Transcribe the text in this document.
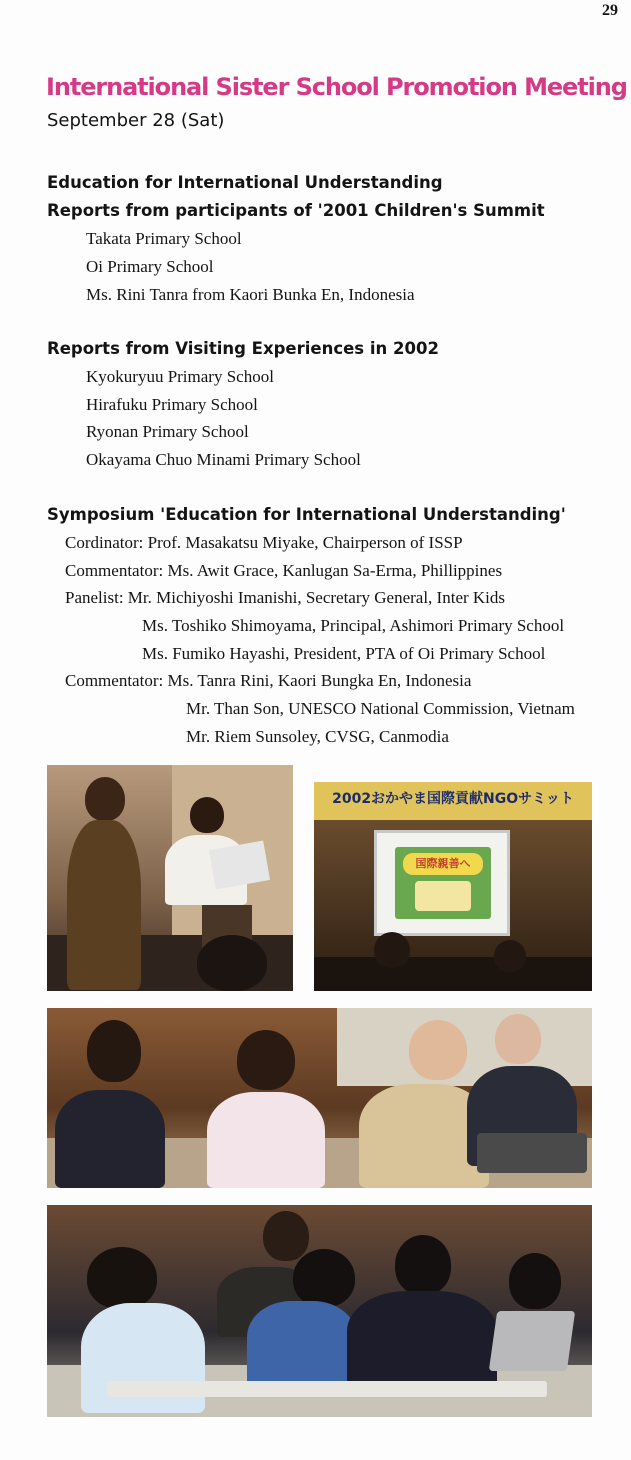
29
International Sister School Promotion Meeting
September 28 (Sat)
Education for International Understanding
Reports from participants of '2001 Children's Summit
Takata Primary School
Oi Primary School
Ms. Rini Tanra from Kaori Bunka En, Indonesia
Reports from Visiting Experiences in 2002
Kyokuryuu Primary School
Hirafuku Primary School
Ryonan Primary School
Okayama Chuo Minami Primary School
Symposium 'Education for International Understanding'
Cordinator: Prof. Masakatsu Miyake, Chairperson of ISSP
Commentator: Ms. Awit Grace, Kanlugan Sa-Erma, Phillippines
Panelist: Mr. Michiyoshi Imanishi, Secretary General, Inter Kids
Ms. Toshiko Shimoyama, Principal, Ashimori Primary School
Ms. Fumiko Hayashi, President, PTA of Oi Primary School
Commentator: Ms. Tanra Rini, Kaori Bungka En, Indonesia
Mr. Than Son, UNESCO National Commission, Vietnam
Mr. Riem Sunsoley, CVSG, Canmodia
2002おかやま国際貢献NGOサミット
国際親善へ
